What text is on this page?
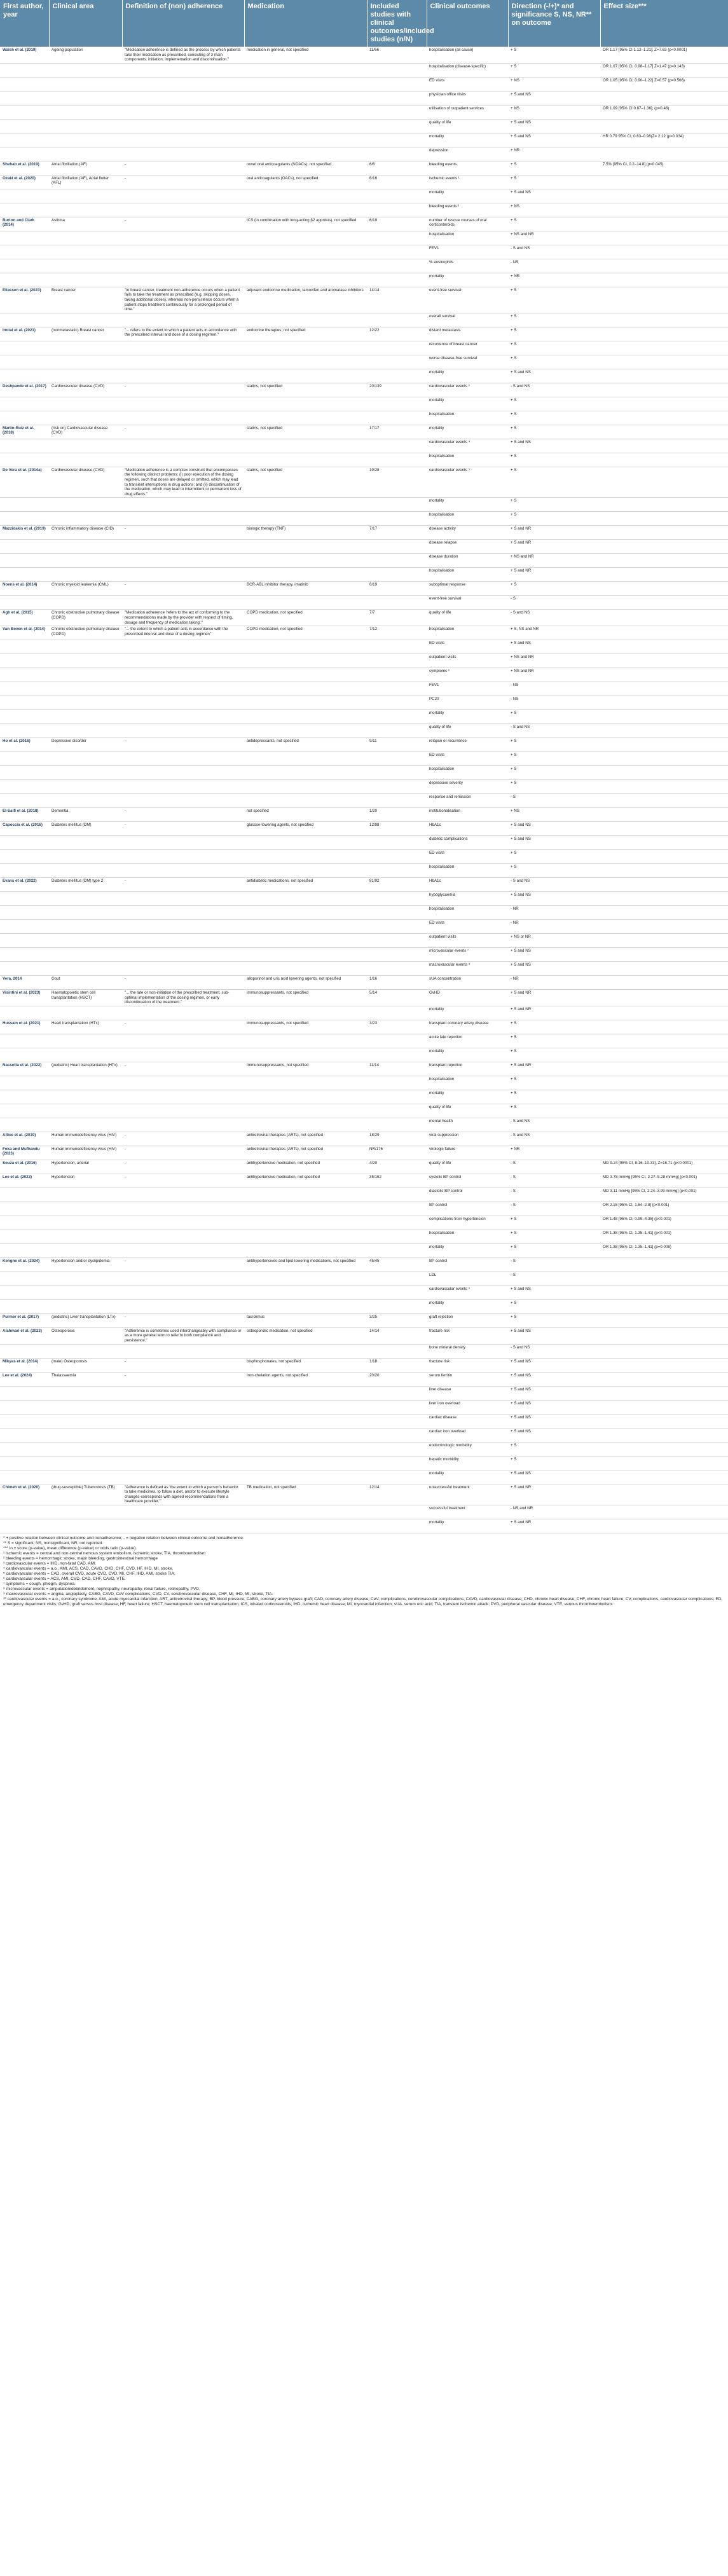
First author, year	Clinical area	Definition of (non) adherence	Medication	Included studies with clinical outcomes/included studies (n/N)	Clinical outcomes	Direction (-/+)* and significance S, NS, NR** on outcome	Effect size***
Walsh et al. (2019)	Ageing population	"Medication adherence is defined as the process by which patients take their medication as prescribed, consisting of 3 main components: initiation, implementation and discontinuation."	medication in general, not specified	11/66	hospitalisation (all cause)	+ S	OR 1.17 [95% CI 1.12–1.21]; Z=7.63 (p<0.0001)
					hospitalisation (disease-specific)	+ S	OR 1.07 [95% CI, 0.98–1.17] Z=1.47 (p=0.143)
					ED visits	+ NS	OR 1.05 [95% CI, 0.90–1.22] Z=0.57 (p=0.566)
					physician office visits	+ S and NS	
					utilisation of outpatient services	+ NS	OR 1.09 [95% CI 0.87–1.36]; (p=0.46)
					quality of life	+ S and NS	
					mortality	+ S and NS	HR 0.79 95% CI, 0.63–0.98(Z= 2.12 (p=0.034)
					depression	+ NR	
Shehab et al. (2019)	Atrial fibrillation (AF)	-	novel oral anticoagulants (NOACs), not specified	6/6	bleeding events	+ S	7.5% [95% CI, 0.2–14.8] (p=0.045)
Ozaki et al. (2020)	Atrial fibrillation (AF), Atrial flutter (AFL)	-	oral anticoagulants (OACs), not specified	6/16	ischemic events ¹	+ S	
					mortality	+ S and NS	
					bleeding events ²	+ NS	
Burton and Clark (2014)	Asthma	-	ICS (in combination with long-acting β2 agonists), not specified	6/19	number of rescue courses of oral corticosteroids	+ S	
					hospitalisation	+ NS and NR	
					FEV1	- S and NS	
					% eosinophils	- NS	
					mortality	+ NR	
Eliassen et al. (2023)	Breast cancer	"In breast cancer, treatment non-adherence occurs when a patient fails to take the treatment as prescribed (e.g. skipping doses, taking additional doses), whereas non-persistence occurs when a patient stops treatment continuously for a prolonged period of time."	adjuvant endocrine medication, tamoxifen and aromatase inhibitors	14/14	event-free survival	+ S	
					overall survival	+ S	
Inotai et al. (2021)	(nonmetastatic) Breast cancer	"... refers to the extent to which a patient acts in accordance with the prescribed interval and dose of a dosing regimen."	endocrine therapies, not specified	12/22	distant metastasis	+ S	
					recurrence of breast cancer	+ S	
					worse disease-free survival	+ S	
					mortality	+ S and NS	
Deshpande et al. (2017)	Cardiovascular disease (CVD)	-	statins, not specified	20/139	cardiovascular events ³	- S and NS	
					mortality	+ S	
					hospitalisation	+ S	
Martin-Ruiz et al. (2018)	(risk on) Cardiovascular disease (CVD)	-	statins, not specified	17/17	mortality	+ S	
					cardiovascular events ⁴	+ S and NS	
					hospitalisation	+ S	
De Vera et al. (2014a)	Cardiovascular disease (CVD)	"Medication adherence is a complex construct that encompasses the following distinct problems: (i) poor execution of the dosing regimen, such that doses are delayed or omitted, which may lead to transient interruptions in drug actions; and (ii) discontinuation of the medication, which may lead to intermittent or permanent loss of drug effects."	statins, not specified	19/28	cardiovascular events ⁵	+ S	
					mortality	+ S	
					hospitalisation	+ S	
Mazzidakis et al. (2019)	Chronic inflammatory disease (CID)	-	biologic therapy (TNF)	7/17	disease activity	+ S and NR	
					disease relapse	+ S and NR	
					disease duration	+ NS and NR	
					hospitalisation	+ S and NR	
Noens et al. (2014)	Chronic myeloid leukemia (CML)	-	BCR-ABL inhibitor therapy, imatinib	6/19	suboptimal response	+ S	
					event-free survival	- S	
Agh et al. (2015)	Chronic obstructive pulmonary disease (COPD)	"Medication adherence 'refers to the act of conforming to the recommendations made by the provider with respect of timing, dosage and frequency of medication taking'."	COPD medication, not specified	7/7	quality of life	- S and NS	
Van Boven et al. (2014)	Chronic obstructive pulmonary disease (COPD)	"... the extent to which a patient acts in accordance with the prescribed interval and dose of a dosing regimen"	COPD medication, not specified	7/12	hospitalisation	+ S, NS and NR	
					ED visits	+ S and NS	
					outpatient visits	+ NS and NR	
					symptoms ⁶	+ NS and NR	
					FEV1	- NS	
					PC20	- NS	
					mortality	+ S	
					quality of life	- S and NS	
Ho et al. (2016)	Depressive disorder	-	antidepressants, not specified	9/11	relapse or recurrence	+ S	
					ED visits	+ S	
					hospitalisation	+ S	
					depressive severity	+ S	
					response and remission	- S	
El-Saifi et al. (2018)	Dementia	-	not specified	1/20	institutionalisation	+ NS	
Capoccia et al. (2016)	Diabetes mellitus (DM)	-	glucose-lowering agents, not specified	12/98	HbA1c	+ S and NS	
					diabetic complications	+ S and NS	
					ED visits	+ S	
					hospitalisation	+ S	
Evans et al. (2022)	Diabetes mellitus (DM) type 2	-	antidiabetic medications, not specified	81/92	HbA1c	- S and NS	
					hypoglycaemia	+ S and NS	
					hospitalisation	- NR	
					ED visits	- NR	
					outpatient visits	+ NS or NR	
					microvascular events ⁷	+ S and NS	
					macrovascular events ⁸	+ S and NS	
Vera, 2014	Gout	-	allopurinol and uric acid lowering agents, not specified	1/16	sUA concentration	- NR	
Visintini et al. (2023)	Haematopoietic stem cell transplantation (HSCT)	"... the late or non-initiation of the prescribed treatment, sub-optimal implementation of the dosing regimen, or early discontinuation of the treatment."	immunosuppressants, not specified	5/14	GvHD	+ S and NR	
					mortality	+ S and NR	
Hussain et al. (2021)	Heart transplantation (HTx)	-	immunosuppressants, not specified	3/23	transplant coronary artery disease	+ S	
					acute late rejection	+ S	
					mortality	+ S	
Nassetta et al. (2022)	(pediatric) Heart transplantation (HTx)	-	Immunosuppressants, not specified	11/14	transplant rejection	+ S and NR	
					hospitalisation	+ S	
					mortality	+ S	
					quality of life	+ S	
					mental health	- S and NS	
Altice et al. (2019)	Human immunodeficiency virus (HIV)	-	antiretroviral therapies (ARTs), not specified	18/29	viral suppression	- S and NS	
Foka and Mufhandu (2023)	Human immunodeficiency virus (HIV)	-	antiretroviral therapies (ARTs), not specified	NR/176	virologic failure	+ NR	
Souza et al. (2016)	Hypertension, arterial	-	antihypertensive medication, not specified	4/20	quality of life	- S	MD 9.24 [95% CI, 8.16–10.33], Z=16.71 (p<0.0001)
Lee et al. (2022)	Hypertension	-	antihypertensive medication, not specified	35/162	systolic BP control	- S	MD 3.78 mmHg [95% CI, 2.27–5.28 mmHg] (p<0.001)
					diastolic BP control	- S	MD 3.11 mmHg [95% CI, 2.24–3.99 mmHg] (p<0.001)
					BP control	- S	OR 2.15 [95% CI, 1.64–2.8] (p<0.001)
					complications from hypertension	+ S	OR 1.48 [95% CI, 0.99–4.35] (p<0.001)
					hospitalisation	+ S	OR 1.38 [95% CI, 1.35–1.41] (p<0.001)
					mortality	+ S	OR 1.38 [95% CI, 1.35–1.41] (p=0.008)
Kengne et al. (2024)	Hypertension and/or dyslipidemia	-	antihypertensives and lipid-lowering medications, not specified	45/45	BP control	- S	
					LDL	- S	
					cardiovascular events ⁹	+ S and NS	
					mortality	+ S	
Purmer et al. (2017)	(pediatric) Liver transplantation (LTx)	-	tacrolimus	3/25	graft rejection	+ S	
Alahmari et al. (2023)	Osteoporosis	"Adherence is sometimes used interchangeably with compliance or as a more general term to refer to both compliance and persistence."	osteoporotic medication, not specified	14/14	fracture risk	+ S and NS	
					bone mineral density	- S and NS	
Mikyas et al. (2014)	(male) Osteoporosis	-	bisphosphonates, not specified	1/18	fracture risk	+ S and NS	
Lee et al. (2024)	Thalassaemia	-	Iron-chelation agents, not specified	20/20	serum ferritin	+ S and NS	
					liver disease	+ S and NS	
					liver iron overload	+ S and NS	
					cardiac disease	+ S and NS	
					cardiac iron overload	+ S and NS	
					endocrinologic morbidity	+ S	
					hepatic morbidity	+ S	
					mortality	+ S and NS	
Chimeh et al. (2020)	(drug-susceptible) Tuberculosis (TB)	"Adherence is defined as 'the extent to which a person's behavior to take medicines, to follow a diet, and/or to execute lifestyle changes-corresponds with agreed recommendations from a healthcare provider.'"	TB medication, not specified	12/14	unsuccessful treatment	+ S and NR	
					successful treatment	- NS and NR	
					mortality	+ S and NR	

* + positive relation between clinical outcome and nonadherence; - = negative relation between clinical outcome and nonadherence.

** S = significant, NS, nonsignificant, NR, not reported.

*** In ± score (p-value), mean difference (p-value) or odds ratio (p-value).

¹ ischemic events = central and non-central nervous system embolism, ischemic stroke, TIA, thromboembolism

² bleeding events = hemorrhagic stroke, major bleeding, gastrointestinal hemorrhage

³ cardiovascular events = IHD, non-fatal CAD, AMI.

⁴ cardiovascular events = a.o., AMI, ACS, CAD, CAVD, CHD, CHF, CVD, HF, IHD, MI, stroke.

⁵ cardiovascular events = CAD, overall CVD, acute CVD, CVD, MI, CHF, IHD, AMI, stroke TIA.

⁶ cardiovascular events = ACS, AMI, CVD, CAD, CHF, CAVD, VTE.

⁷ symptoms = cough, phlegm, dyspnea.

⁸ microvascular events = amputation/debridement, nephropathy, neuropathy, renal failure, retinopathy, PVD.

⁹ macrovascular events = angina, angioplasty, CABG, CAVD, CeV complications, CVD, CV, cerebrovascular disease, CHF, MI, IHD, MI, stroke, TIA.

¹⁰ cardiovascular events = a.o., coronary syndrome, AMI, acute myocardial infarction, ART, antiretroviral therapy; BP, blood pressure; CABG, coronary artery bypass graft; CAD, coronary artery disease; CeV, complications, cerebrovascular complications; CAVD, cardiovascular disease; CHD, chronic heart disease; CHF, chronic heart failure; CV, complications, cardiovascular complications; ED, emergency department visits; GvHD, graft versus host disease; HF, heart failure; HSCT, haematopoietic stem cell transplantation; ICS, inhaled corticosteroids; IHD, ischemic heart disease; MI, myocardial infarction; sUA, serum uric acid; TIA, transient ischemic attack; PVD, peripheral vascular disease; VTE, venous thromboembolism.
